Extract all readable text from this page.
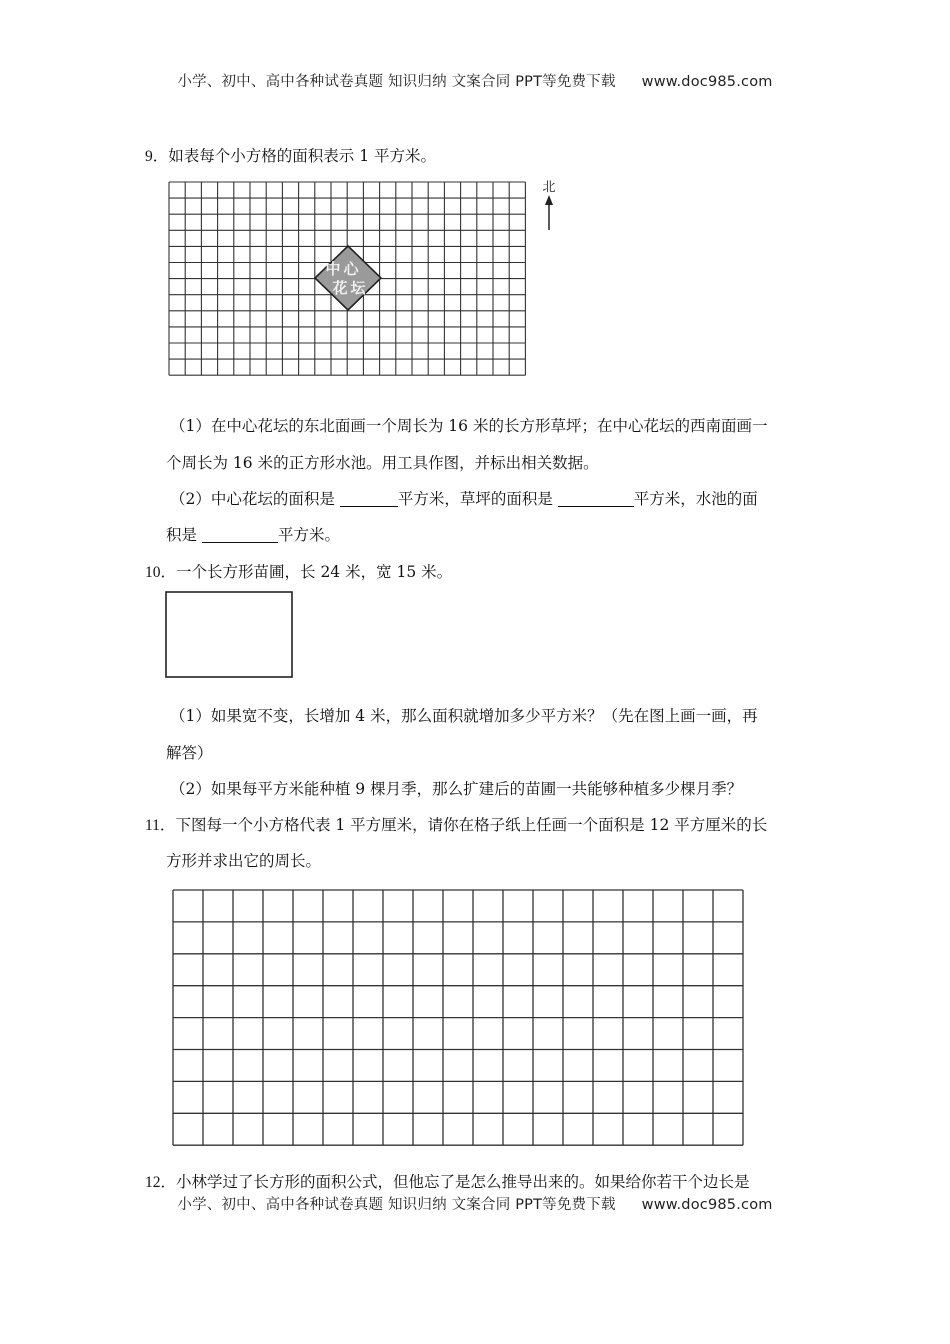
小学、初中、高中各种试卷真题 知识归纳 文案合同 PPT等免费下载 www.doc985.com
9．如表每个小方格的面积表示 1 平方米。
北
中 心
花 坛
（1）在中心花坛的东北面画一个周长为 16 米的长方形草坪；在中心花坛的西南面画一
个周长为 16 米的正方形水池。用工具作图，并标出相关数据。
（2）中心花坛的面积是	平方米，草坪的面积是	平方米，水池的面
积是	平方米。
10．一个长方形苗圃，长 24 米，宽 15 米。
（1）如果宽不变，长增加 4 米，那么面积就增加多少平方米？（先在图上画一画，再
解答）
（2）如果每平方米能种植 9 棵月季，那么扩建后的苗圃一共能够种植多少棵月季？
11．下图每一个小方格代表 1 平方厘米，请你在格子纸上任画一个面积是 12 平方厘米的长
方形并求出它的周长。
12．小林学过了长方形的面积公式，但他忘了是怎么推导出来的。如果给你若干个边长是
小学、初中、高中各种试卷真题 知识归纳 文案合同 PPT等免费下载 www.doc985.com
